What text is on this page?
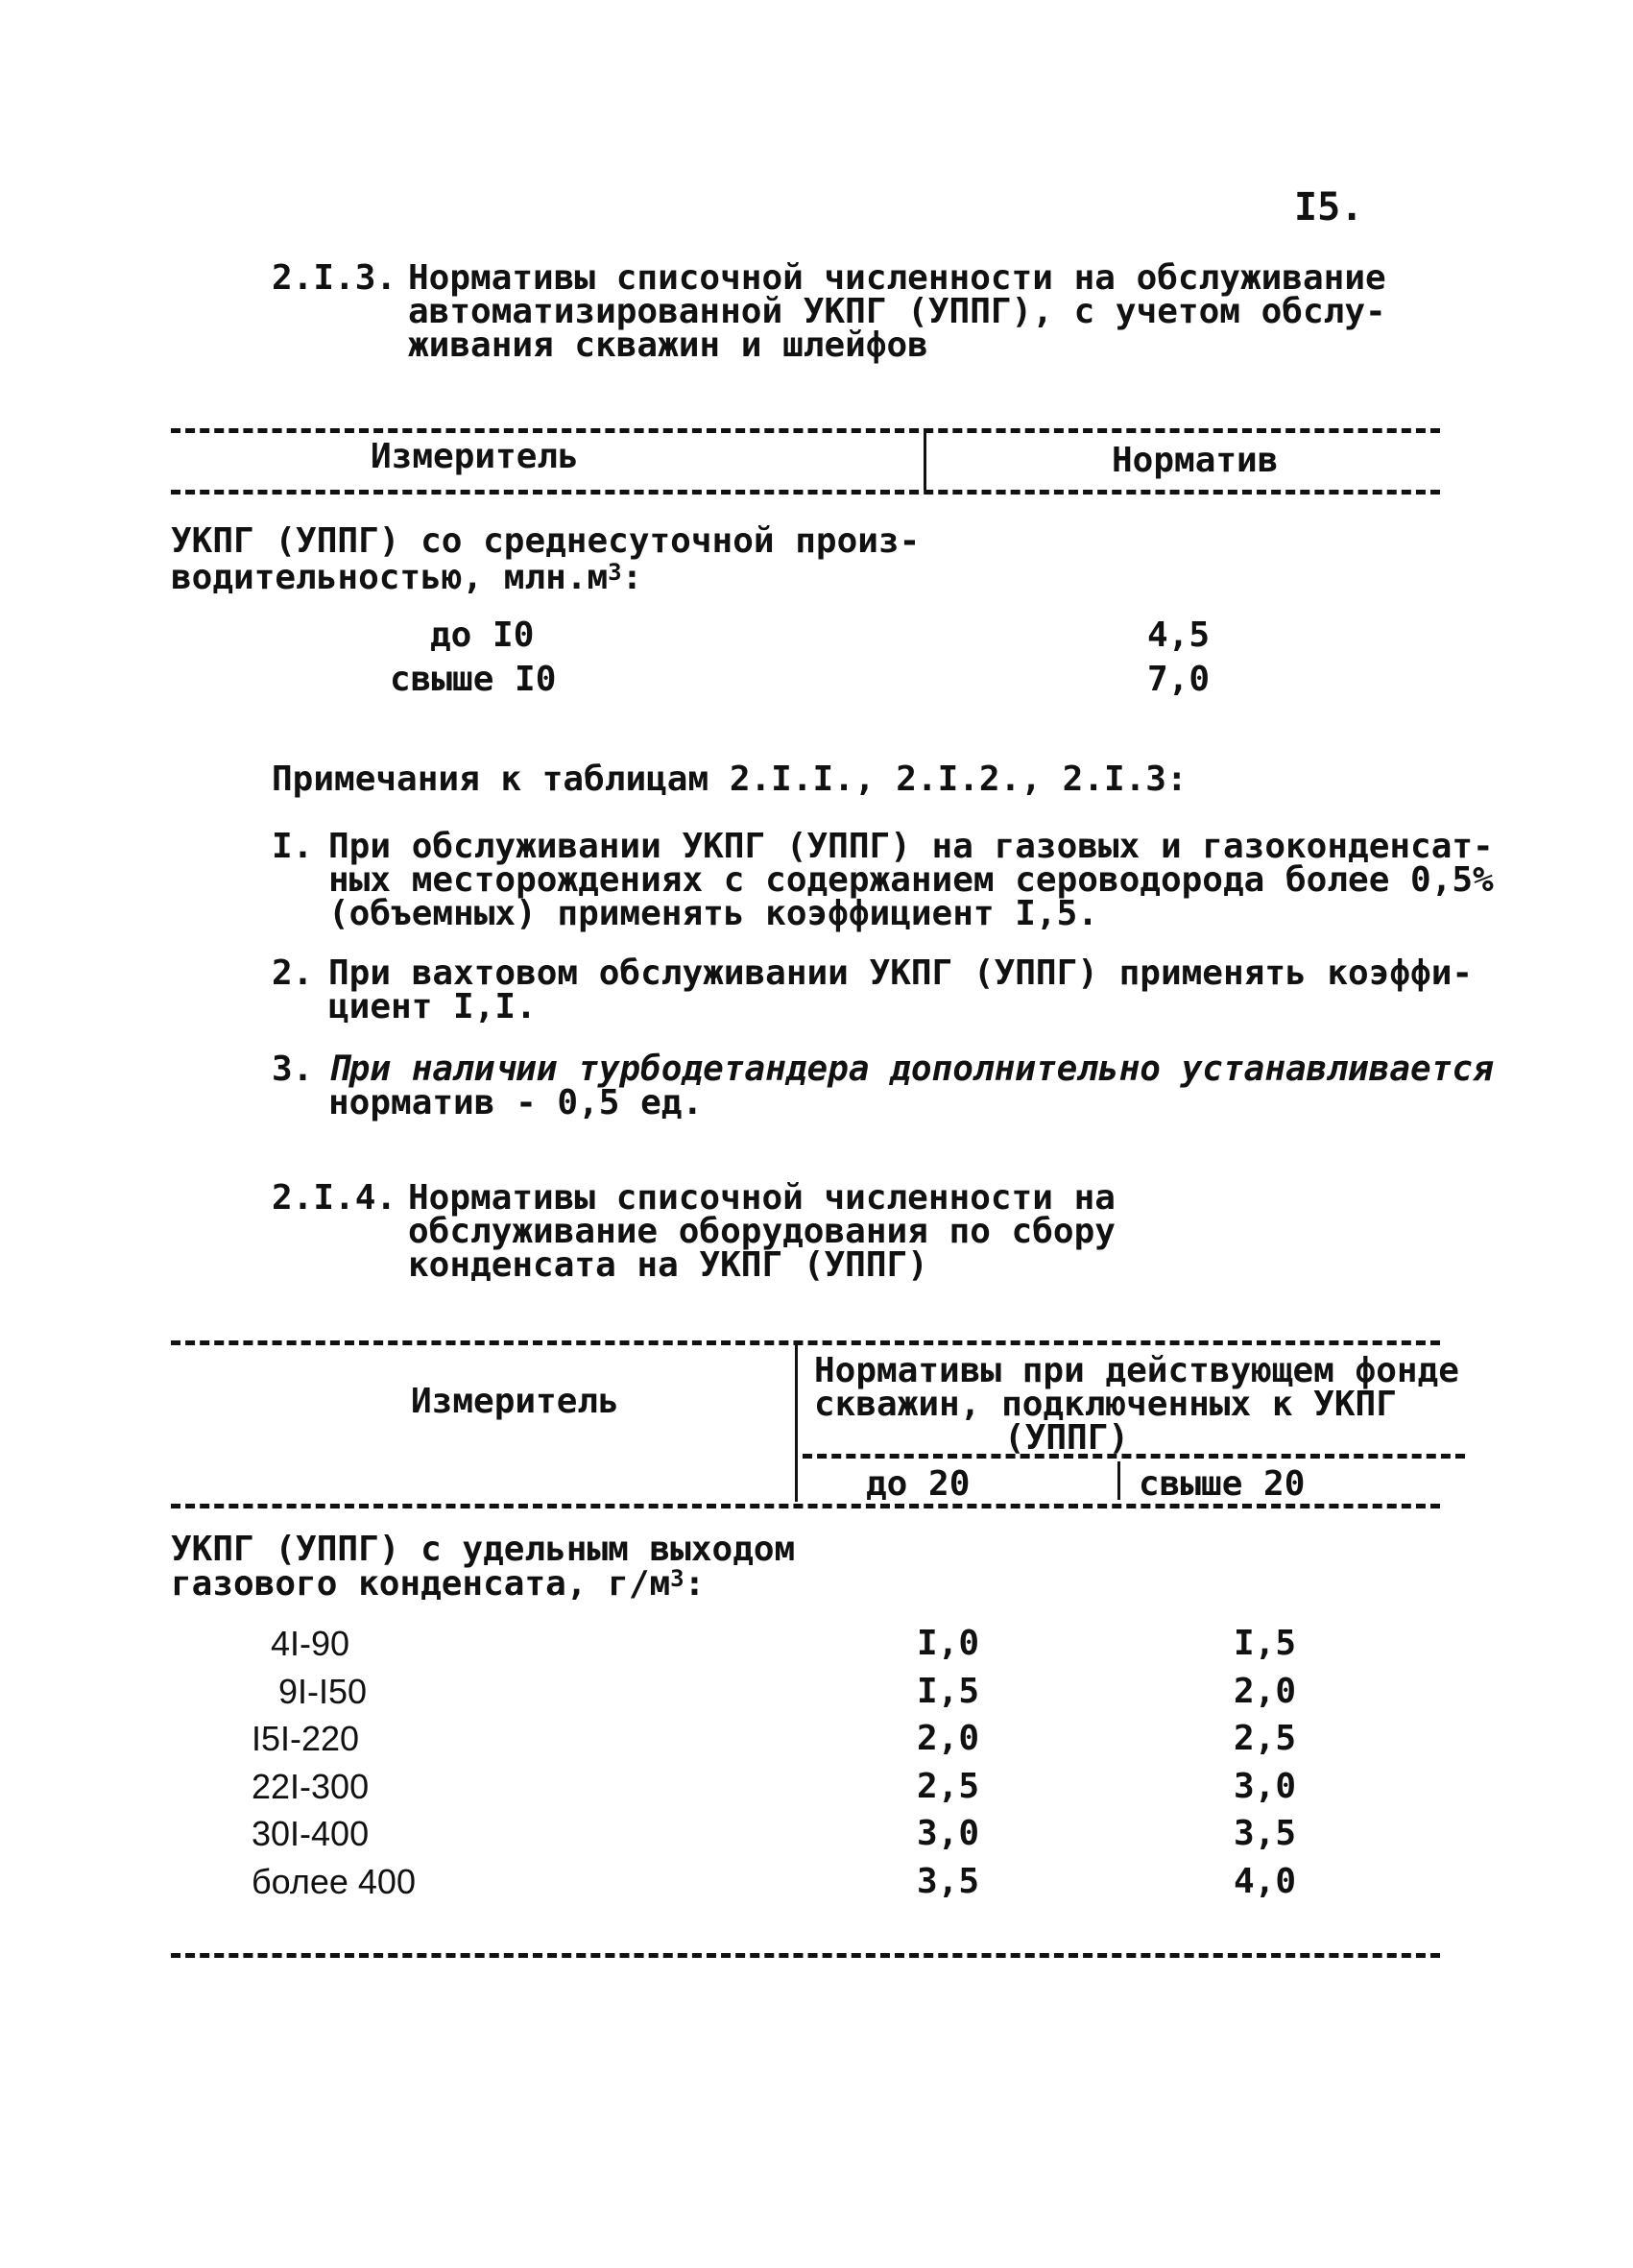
I5.
2.I.3. Нормативы списочной численности на обслуживание
автоматизированной УКПГ (УППГ), с учетом обслу-
живания скважин и шлейфов
Измеритель	Норматив
УКПГ (УППГ) со среднесуточной произ-
водительностью, $млн.м^3$:
до I0	4,5
свыше I0	7,0
Примечания к таблицам 2.I.I., 2.I.2., 2.I.3:
I. При обслуживании УКПГ (УППГ) на газовых и газоконденсат-
ных месторождениях с содержанием сероводорода более 0,5%
(объемных) применять коэффициент I,5.
2. При вахтовом обслуживании УКПГ (УППГ) применять коэффи-
циент I,I.
3. При наличии турбодетандера дополнительно устанавливается
норматив - 0,5 ед.
2.I.4. Нормативы списочной численности на
обслуживание оборудования по сбору
конденсата на УКПГ (УППГ)
Измеритель
Нормативы при действующем фонде
скважин, подключенных к УКПГ
(УППГ)
до 20	свыше 20
УКПГ (УППГ) с удельным выходом
газового конденсата, $г/м^3$:
4I-90	I,0	I,5
9I-I50	I,5	2,0
I5I-220	2,0	2,5
22I-300	2,5	3,0
30I-400	3,0	3,5
более 400	3,5	4,0
